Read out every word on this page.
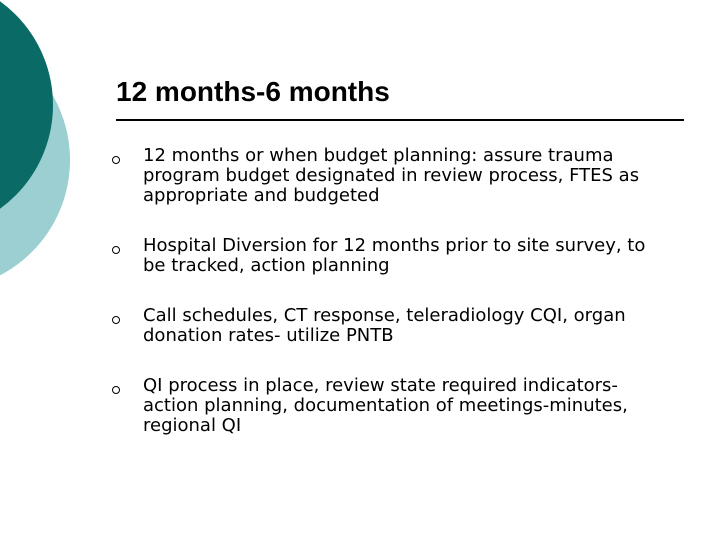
12 months-6 months
12 months or when budget planning: assure trauma program budget designated in review process, FTES as appropriate and budgeted
Hospital Diversion for 12 months prior to site survey, to be tracked, action planning
Call schedules, CT response, teleradiology CQI, organ donation rates- utilize PNTB
QI process in place, review state required indicators- action planning, documentation of meetings-minutes, regional QI
